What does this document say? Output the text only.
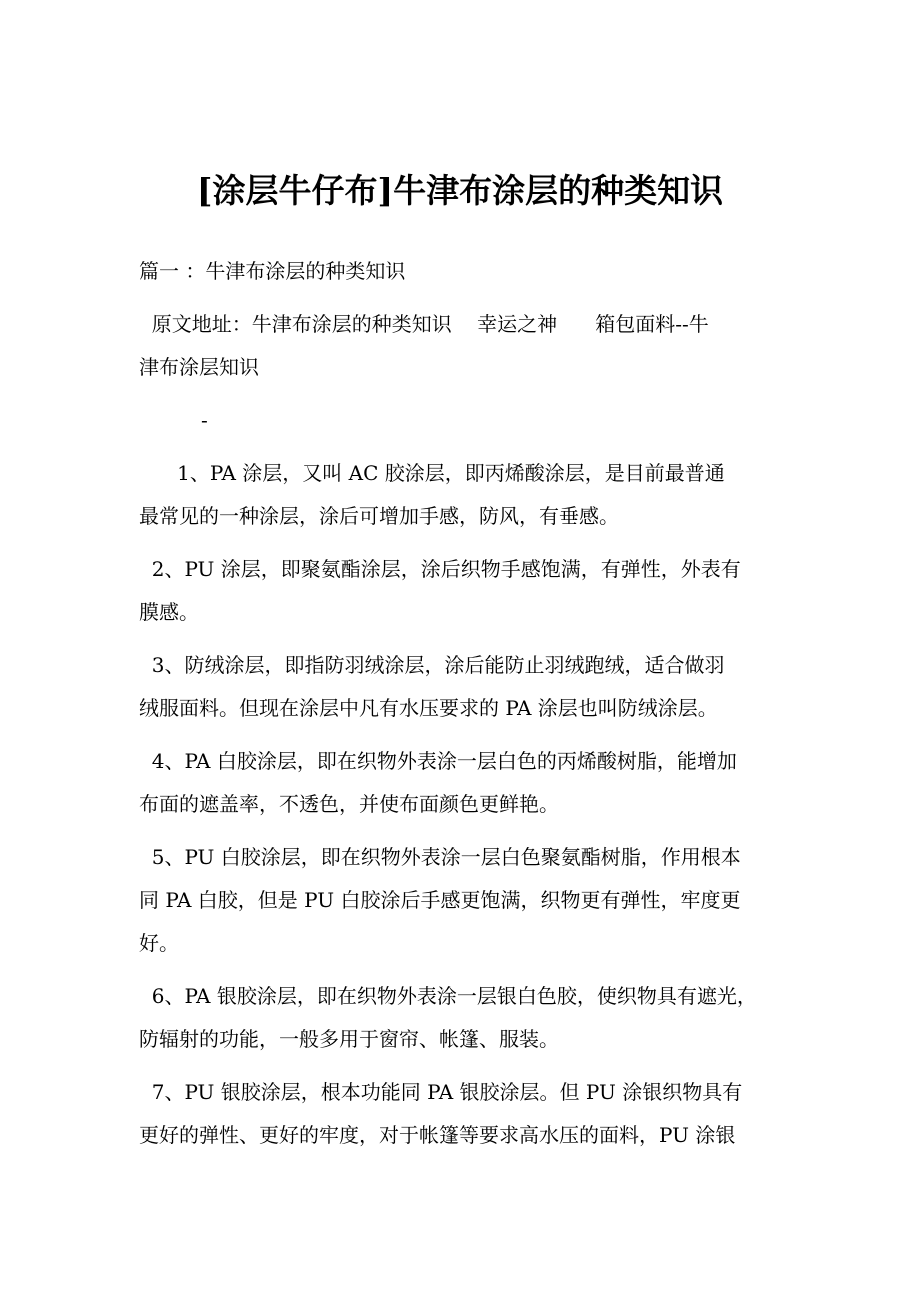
[涂层牛仔布]牛津布涂层的种类知识

篇一 ：牛津布涂层的种类知识

原文地址：牛津布涂层的种类知识    幸运之神      箱包面料--牛

津布涂层知识

-

1、PA 涂层，又叫 AC 胶涂层，即丙烯酸涂层，是目前最普通

最常见的一种涂层，涂后可增加手感，防风，有垂感。

2、PU 涂层，即聚氨酯涂层，涂后织物手感饱满，有弹性，外表有

膜感。

3、防绒涂层，即指防羽绒涂层，涂后能防止羽绒跑绒，适合做羽

绒服面料。但现在涂层中凡有水压要求的 PA 涂层也叫防绒涂层。

4、PA 白胶涂层，即在织物外表涂一层白色的丙烯酸树脂，能增加

布面的遮盖率，不透色，并使布面颜色更鲜艳。

5、PU 白胶涂层，即在织物外表涂一层白色聚氨酯树脂，作用根本

同 PA 白胶，但是 PU 白胶涂后手感更饱满，织物更有弹性，牢度更

好。

6、PA 银胶涂层，即在织物外表涂一层银白色胶，使织物具有遮光，

防辐射的功能，一般多用于窗帘、帐篷、服装。

7、PU 银胶涂层，根本功能同 PA 银胶涂层。但 PU 涂银织物具有

更好的弹性、更好的牢度，对于帐篷等要求高水压的面料，PU 涂银
